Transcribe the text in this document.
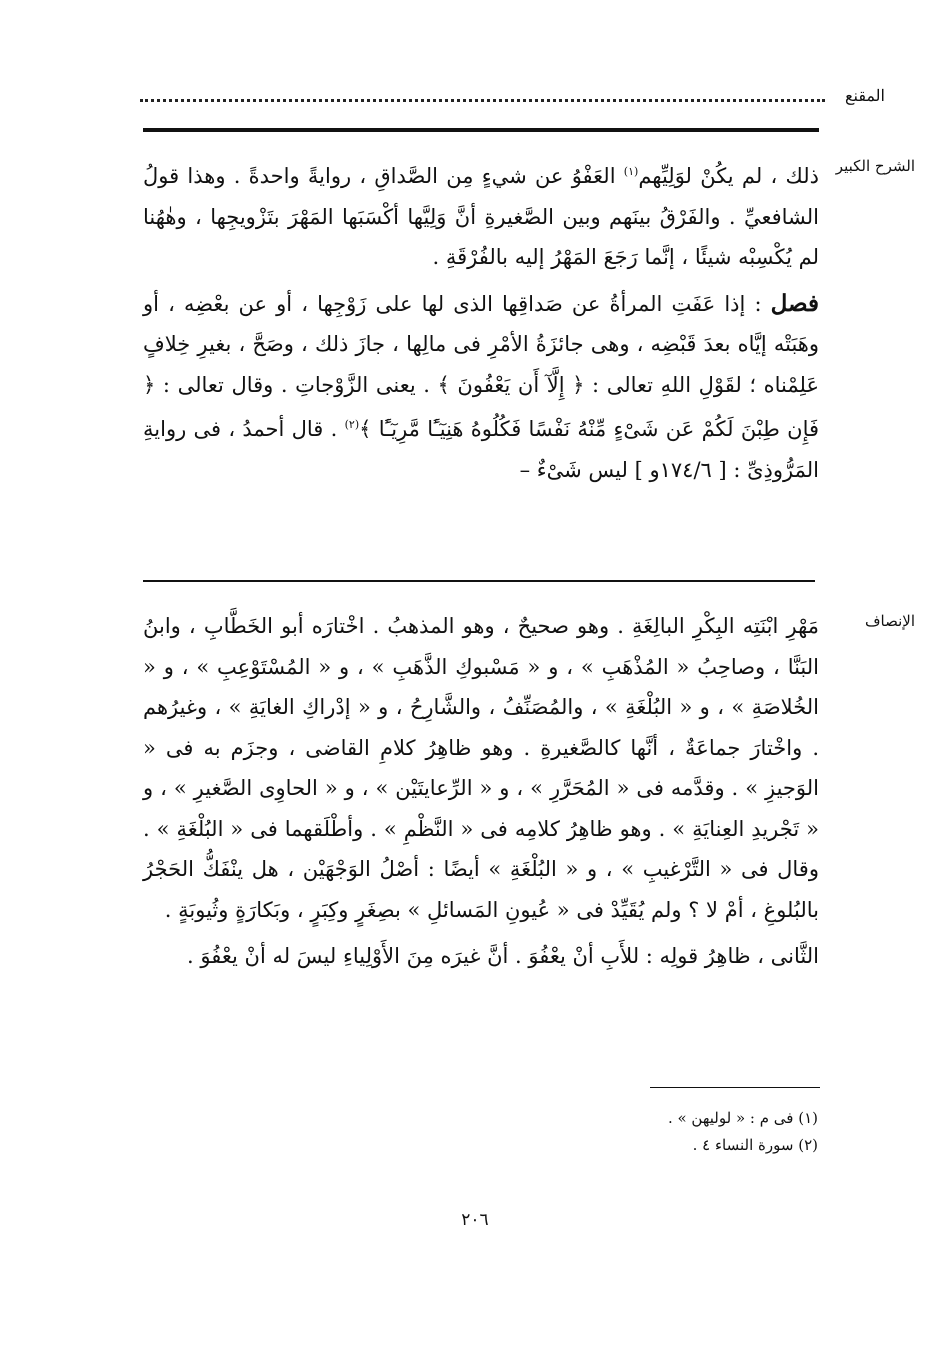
المقنع
الشرح الكبير

ذلك ، لم يكُنْ لوَلِيِّهم$^{(١)}$ العَفْوُ عن شيءٍ مِن الصَّداقِ ، روايةً واحدةً . وهذا قولُ الشافعيِّ . والفَرْقُ بينَهم وبين الصَّغيرةِ أنَّ وَلِيَّها أكْسَبَها المَهْرَ بتَزْويجِها ، وهٰهُنا لم يُكْسِبْه شيئًا ، إنَّما رَجَعَ المَهْرُ إليه بالفُرْقَةِ .

فصل : إذا عَفَتِ المرأةُ عن صَداقِها الذى لها على زَوْجِها ، أو عن بعْضِه ، أو وهَبَتْه إيَّاه بعدَ قَبْضِه ، وهى جائزَةُ الأمْرِ فى مالِها ، جازَ ذلك ، وصَحَّ ، بغيرِ خِلافٍ عَلِمْناه ؛ لقَوْلِ اللهِ تعالى : ﴿ إِلَّآ أَن يَعْفُونَ ﴾ . يعنى الزَّوْجاتِ . وقال تعالى : ﴿ فَإِن طِبْنَ لَكُمْ عَن شَىْءٍ مِّنْهُ نَفْسًا فَكُلُوهُ هَنِيٓـًٔا مَّرِيٓـًٔا ﴾$^{(٢)}$ . قال أحمدُ ، فى روايةِ المَرُّوذِىِّ : [ ١٧٤/٦و ] ليس شَىْءٌ –

الإنصاف

مَهْرِ ابْنَتِه البِكْرِ البالِغَةِ . وهو صحيحٌ ، وهو المذهبُ . اخْتارَه أبو الخَطَّابِ ، وابنُ البَنَّا ، وصاحِبُ « المُذْهَبِ » ، و « مَسْبوكِ الذَّهَبِ » ، و « المُسْتَوْعِبِ » ، و « الخُلاصَةِ » ، و « البُلْغَةِ » ، والمُصَنِّفُ ، والشَّارِحُ ، و « إدْراكِ الغايَةِ » ، وغيرُهم . واخْتارَ جماعَةٌ ، أنَّها كالصَّغيرةِ . وهو ظاهِرُ كلامِ القاضى ، وجزَم به فى « الوَجيزِ » . وقدَّمه فى « المُحَرَّرِ » ، و « الرِّعايتَيْن » ، و « الحاوِى الصَّغيرِ » ، و « تَجْريدِ العِنايَةِ » . وهو ظاهِرُ كلامِه فى « النَّظْمِ » . وأطْلَقهما فى « البُلْغَةِ » . وقال فى « التَّرْغيبِ » ، و « البُلْغَةِ » أيضًا : أصْلُ الوَجْهَيْن ، هل ينْفَكُّ الحَجْرُ بالبُلوغِ ، أمْ لا ؟ ولم يُقَيِّدْ فى « عُيونِ المَسائلِ » بصِغَرٍ وكِبَرٍ ، وبَكارَةٍ وثُيوبَةٍ .

الثَّانى ، ظاهِرُ قولِه : للأَبِ أنْ يعْفُوَ . أنَّ غيرَه مِنَ الأَوْلِياءِ ليسَ له أنْ يعْفُوَ .

(١) فى م : « لوليهن » .
(٢) سورة النساء ٤ .
٢٠٦
